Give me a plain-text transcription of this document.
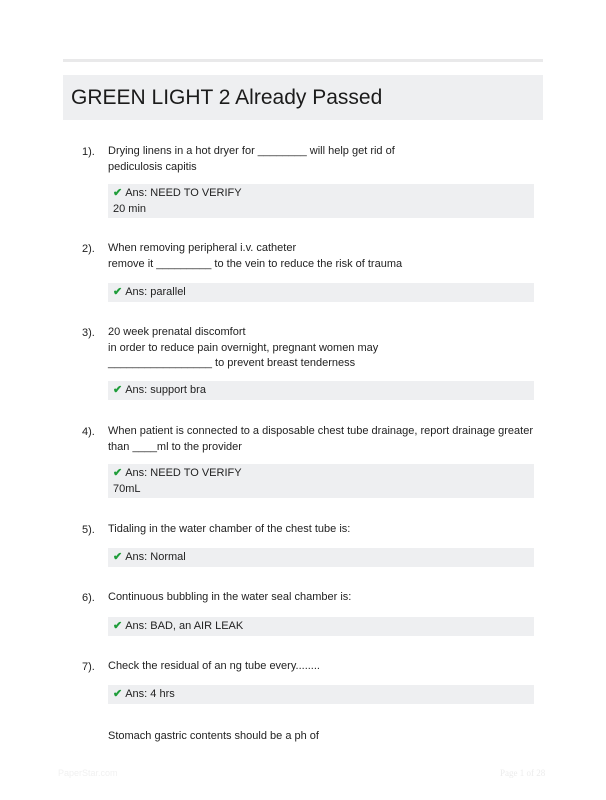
GREEN LIGHT 2 Already Passed
1). Drying linens in a hot dryer for ________ will help get rid of
pediculosis capitis
✔ Ans: NEED TO VERIFY
20 min
2). When removing peripheral i.v. catheter
remove it _________ to the vein to reduce the risk of trauma
✔ Ans: parallel
3). 20 week prenatal discomfort
in order to reduce pain overnight, pregnant women may
_________________ to prevent breast tenderness
✔ Ans: support bra
4). When patient is connected to a disposable chest tube drainage, report drainage greater
than ____ml to the provider
✔ Ans: NEED TO VERIFY
70mL
5). Tidaling in the water chamber of the chest tube is:
✔ Ans: Normal
6). Continuous bubbling in the water seal chamber is:
✔ Ans: BAD, an AIR LEAK
7). Check the residual of an ng tube every........
✔ Ans: 4 hrs
Stomach gastric contents should be a ph of
PaperStar.com	Page 1 of 28
